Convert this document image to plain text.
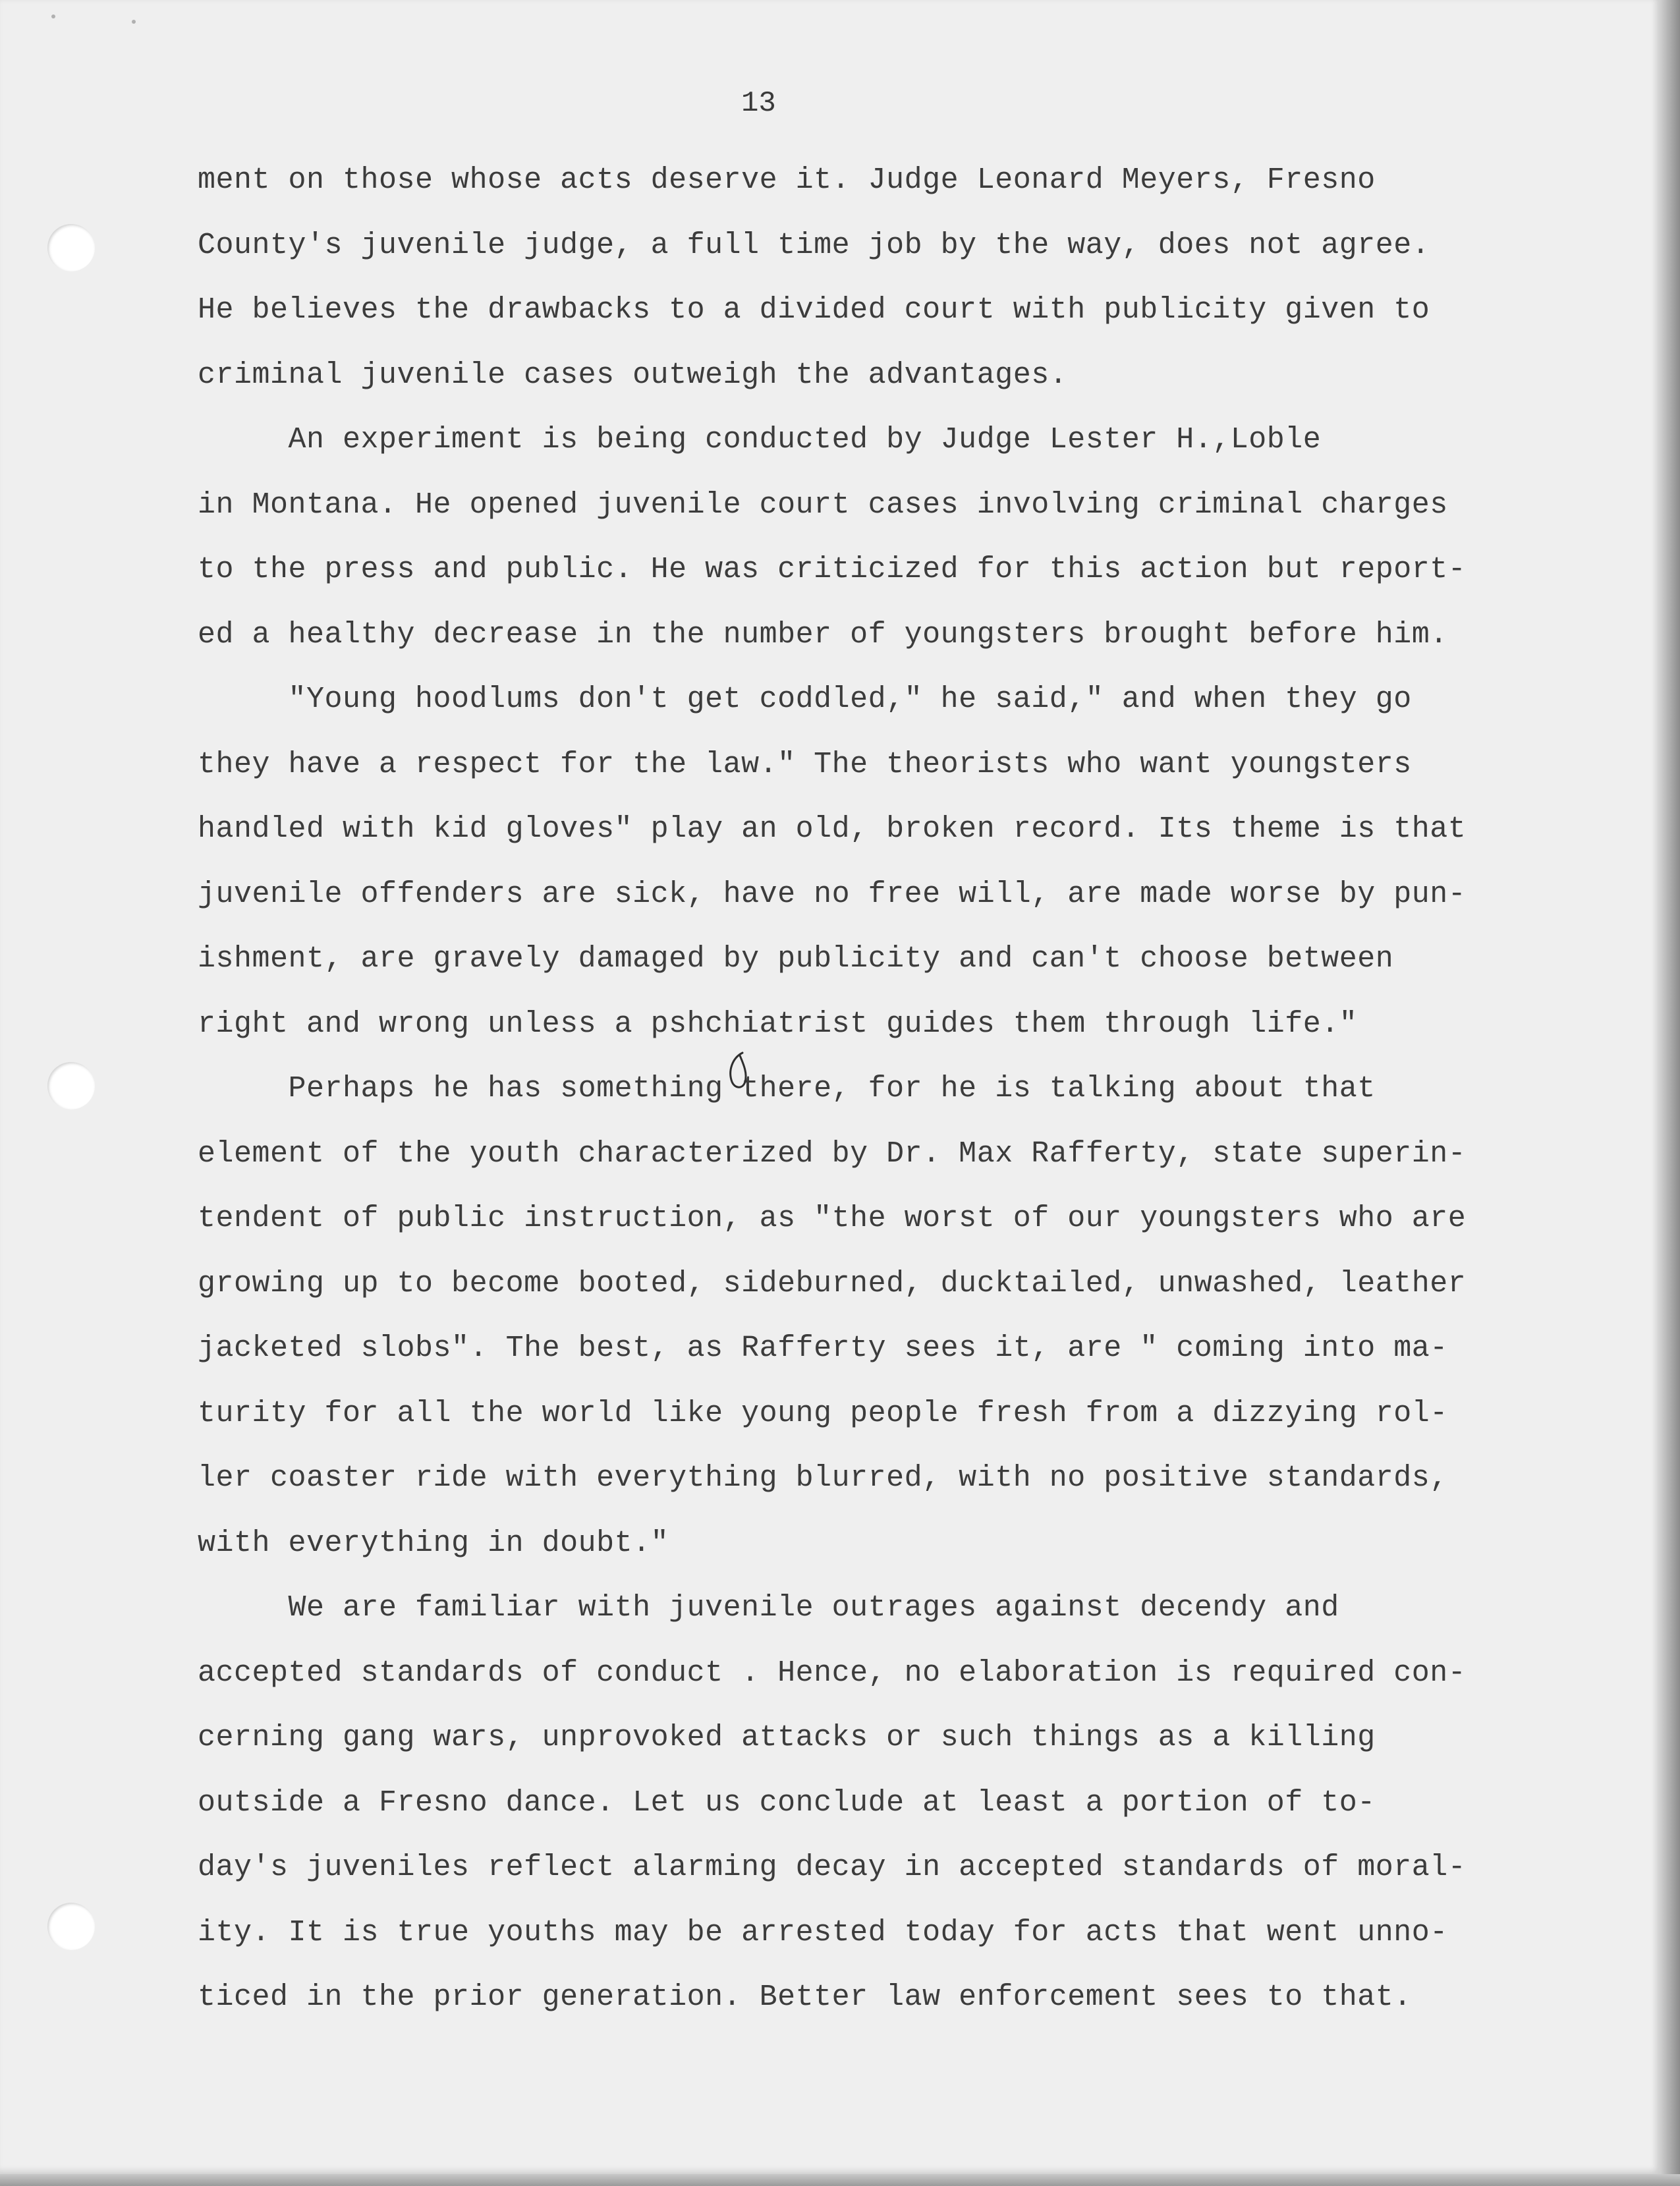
13
ment on those whose acts deserve it. Judge Leonard Meyers, Fresno
County's juvenile judge, a full time job by the way, does not agree.
He believes the drawbacks to a divided court with publicity given to
criminal juvenile cases outweigh the advantages.
An experiment is being conducted by Judge Lester H.,Loble
in Montana. He opened juvenile court cases involving criminal charges
to the press and public. He was criticized for this action but report-
ed a healthy decrease in the number of youngsters brought before him.
"Young hoodlums don't get coddled," he said," and when they go
they have a respect for the law." The theorists who want youngsters
handled with kid gloves" play an old, broken record. Its theme is that
juvenile offenders are sick, have no free will, are made worse by pun-
ishment, are gravely damaged by publicity and can't choose between
right and wrong unless a pshchiatrist guides them through life."
Perhaps he has something there, for he is talking about that
element of the youth characterized by Dr. Max Rafferty, state superin-
tendent of public instruction, as "the worst of our youngsters who are
growing up to become booted, sideburned, ducktailed, unwashed, leather
jacketed slobs". The best, as Rafferty sees it, are " coming into ma-
turity for all the world like young people fresh from a dizzying rol-
ler coaster ride with everything blurred, with no positive standards,
with everything in doubt."
We are familiar with juvenile outrages against decendy and
accepted standards of conduct . Hence, no elaboration is required con-
cerning gang wars, unprovoked attacks or such things as a killing
outside a Fresno dance. Let us conclude at least a portion of to-
day's juveniles reflect alarming decay in accepted standards of moral-
ity. It is true youths may be arrested today for acts that went unno-
ticed in the prior generation. Better law enforcement sees to that.
